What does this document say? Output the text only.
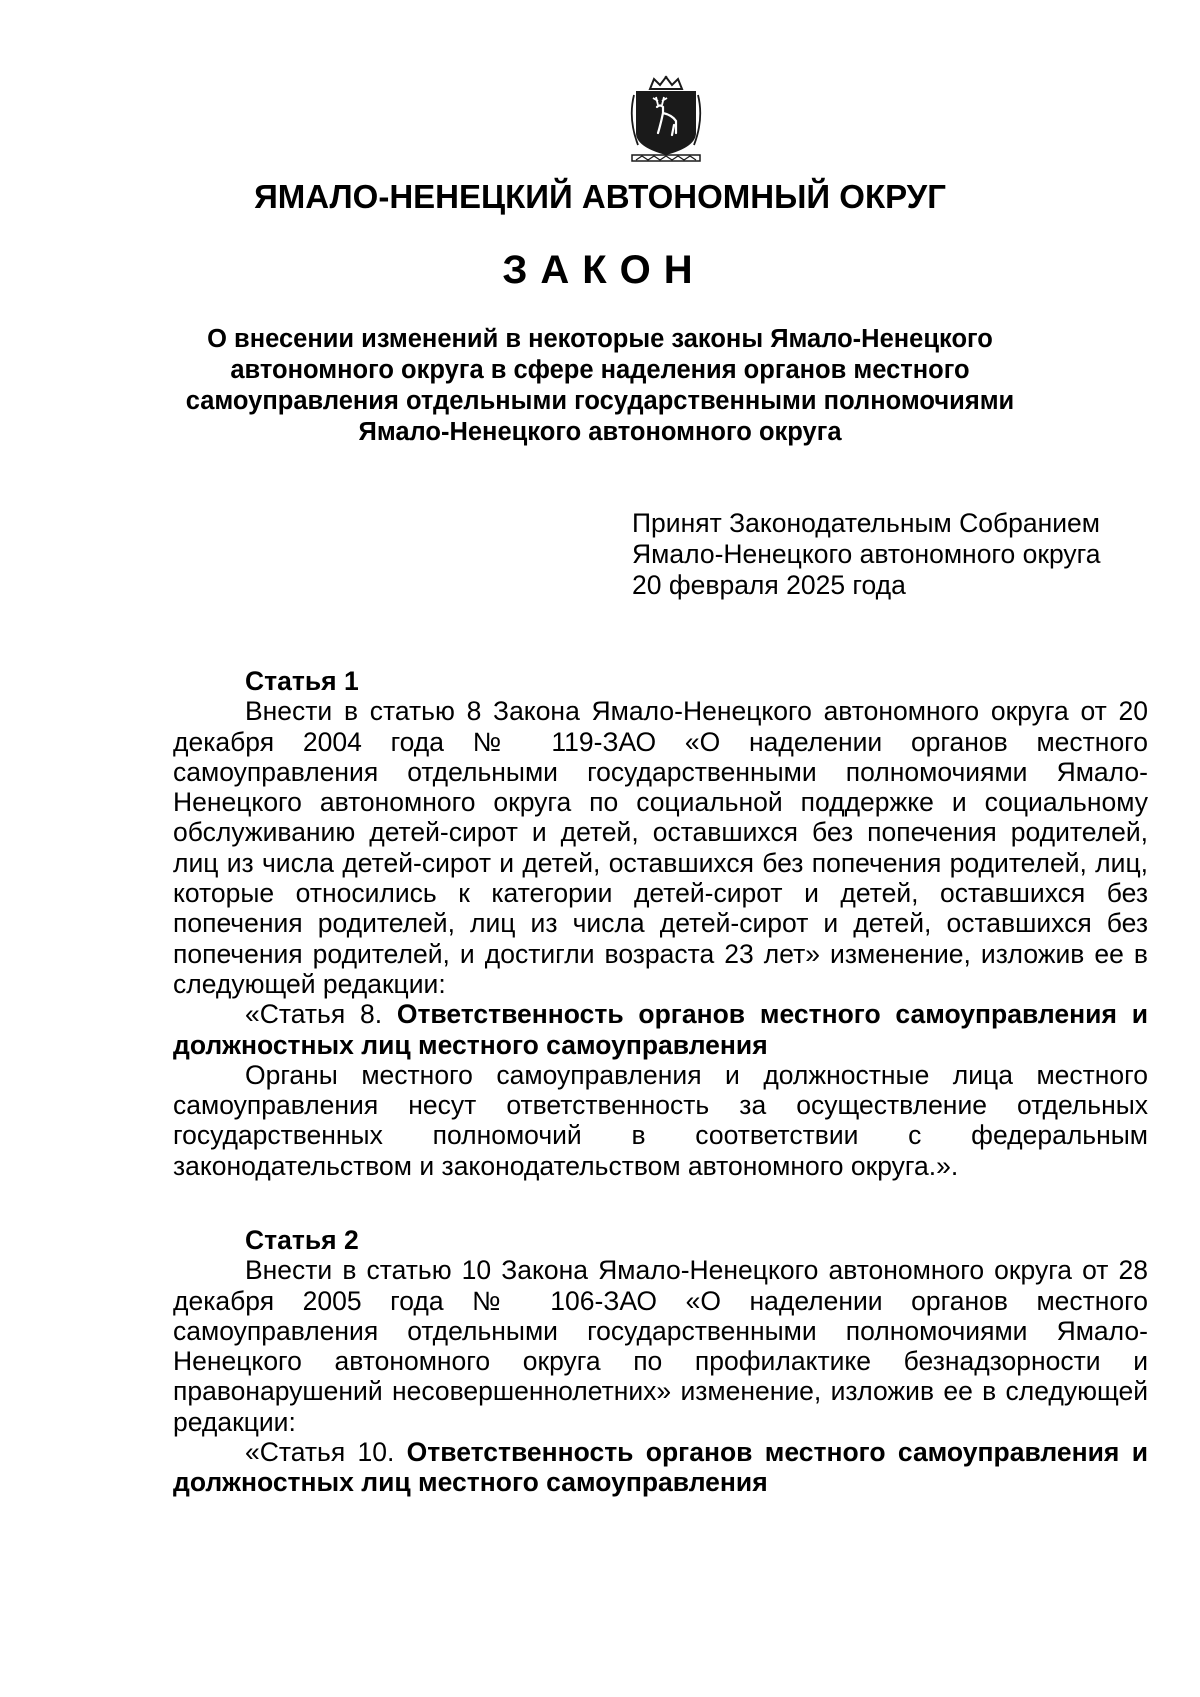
ЯМАЛО-НЕНЕЦКИЙ АВТОНОМНЫЙ ОКРУГ
ЗАКОН
О внесении изменений в некоторые законы Ямало-Ненецкого автономного округа в сфере наделения органов местного самоуправления отдельными государственными полномочиями Ямало-Ненецкого автономного округа
Принят Законодательным Собранием
Ямало-Ненецкого автономного округа
20 февраля 2025 года
Статья 1

Внести в статью 8 Закона Ямало-Ненецкого автономного округа от 20 декабря 2004 года № 119-ЗАО «О наделении органов местного самоуправления отдельными государственными полномочиями Ямало-Ненецкого автономного округа по социальной поддержке и социальному обслуживанию детей-сирот и детей, оставшихся без попечения родителей, лиц из числа детей-сирот и детей, оставшихся без попечения родителей, лиц, которые относились к категории детей-сирот и детей, оставшихся без попечения родителей, лиц из числа детей-сирот и детей, оставшихся без попечения родителей, и достигли возраста 23 лет» изменение, изложив ее в следующей редакции:

«Статья 8. Ответственность органов местного самоуправления и должностных лиц местного самоуправления

Органы местного самоуправления и должностные лица местного самоуправления несут ответственность за осуществление отдельных государственных полномочий в соответствии с федеральным законодательством и законодательством автономного округа.».

Статья 2

Внести в статью 10 Закона Ямало-Ненецкого автономного округа от 28 декабря 2005 года № 106-ЗАО «О наделении органов местного самоуправления отдельными государственными полномочиями Ямало-Ненецкого автономного округа по профилактике безнадзорности и правонарушений несовершеннолетних» изменение, изложив ее в следующей редакции:

«Статья 10. Ответственность органов местного самоуправления и должностных лиц местного самоуправления
